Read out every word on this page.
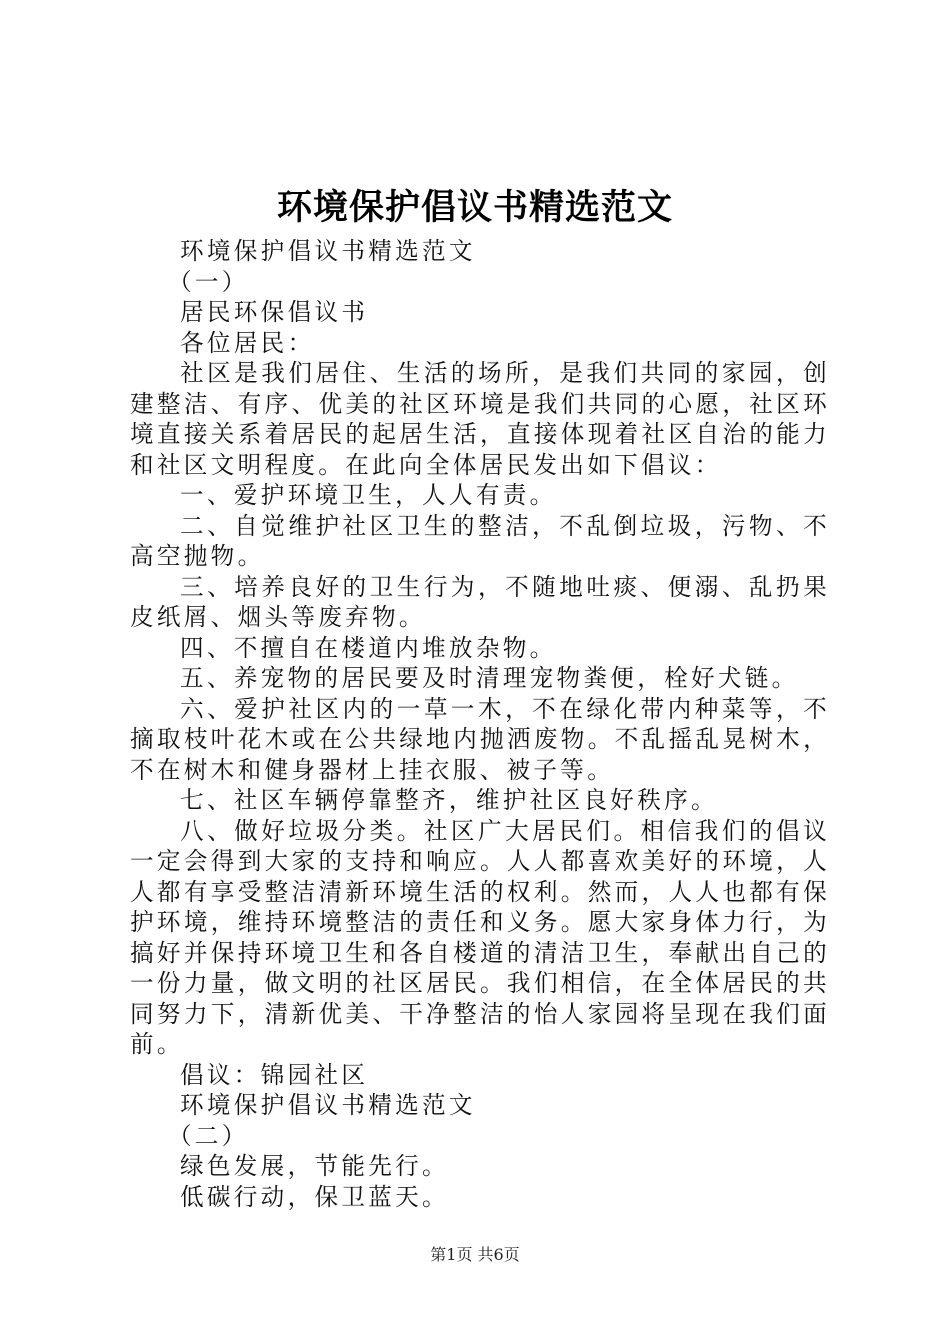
环境保护倡议书精选范文

环境保护倡议书精选范文

（一）

居民环保倡议书

各位居民：

社区是我们居住、生活的场所，是我们共同的家园，创建整洁、有序、优美的社区环境是我们共同的心愿，社区环境直接关系着居民的起居生活，直接体现着社区自治的能力和社区文明程度。在此向全体居民发出如下倡议：

一、爱护环境卫生，人人有责。

二、自觉维护社区卫生的整洁，不乱倒垃圾，污物、不高空抛物。

三、培养良好的卫生行为，不随地吐痰、便溺、乱扔果皮纸屑、烟头等废弃物。

四、不擅自在楼道内堆放杂物。

五、养宠物的居民要及时清理宠物粪便，栓好犬链。

六、爱护社区内的一草一木，不在绿化带内种菜等，不摘取枝叶花木或在公共绿地内抛洒废物。不乱摇乱晃树木，不在树木和健身器材上挂衣服、被子等。

七、社区车辆停靠整齐，维护社区良好秩序。

八、做好垃圾分类。社区广大居民们。相信我们的倡议一定会得到大家的支持和响应。人人都喜欢美好的环境，人人都有享受整洁清新环境生活的权利。然而，人人也都有保护环境，维持环境整洁的责任和义务。愿大家身体力行，为搞好并保持环境卫生和各自楼道的清洁卫生，奉献出自己的一份力量，做文明的社区居民。我们相信，在全体居民的共同努力下，清新优美、干净整洁的怡人家园将呈现在我们面前。

倡议：锦园社区

环境保护倡议书精选范文

（二）

绿色发展，节能先行。

低碳行动，保卫蓝天。

第1页 共6页
